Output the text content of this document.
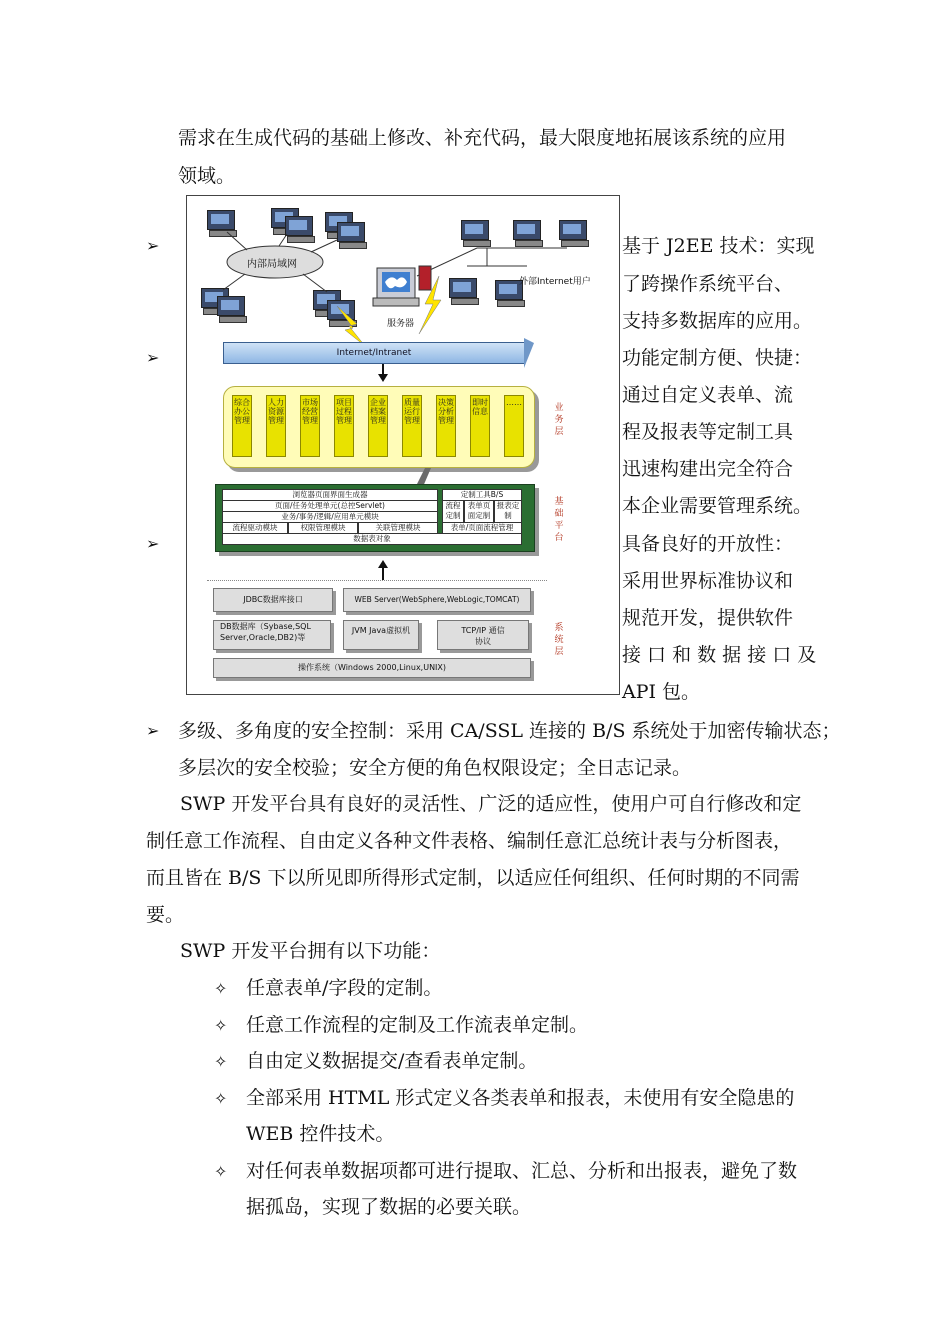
需求在生成代码的基础上修改、补充代码，最大限度地拓展该系统的应用
领域。
➢
➢
➢
➢
基于 J2EE 技术：实现
了跨操作系统平台、
支持多数据库的应用。
功能定制方便、快捷：
通过自定义表单、流
程及报表等定制工具
迅速构建出完全符合
本企业需要管理系统。
具备良好的开放性：
采用世界标准协议和
规范开发，提供软件
接 口 和 数 据 接 口 及
API 包。
内部局域网
外部Internet用户
服务器
Internet/Intranet
综合办公管理
人力资源管理
市场经营管理
项目过程管理
企业档案管理
质量运行管理
决策分析管理
即时信息
……
业务层
浏览器页面界面生成器
页面/任务处理单元(总控Servlet)
业务/事务/逻辑/应用单元模块
流程驱动模块	权限管理模块	关联管理模块
数据表对象
定制工具B/S
流程定制
表单页面定制
报表定制
表单/页面流程管理
基础平台
JDBC数据库接口	WEB Server(WebSphere,WebLogic,TOMCAT)
DB数据库（Sybase,SQL Server,Oracle,DB2)等
JVM Java虚拟机	TCP/IP 通信协议
操作系统（Windows 2000,Linux,UNIX)
系统层
多级、多角度的安全控制：采用 CA/SSL 连接的 B/S 系统处于加密传输状态；
多层次的安全校验；安全方便的角色权限设定；全日志记录。
SWP 开发平台具有良好的灵活性、广泛的适应性，使用户可自行修改和定
制任意工作流程、自由定义各种文件表格、编制任意汇总统计表与分析图表，
而且皆在 B/S 下以所见即所得形式定制，以适应任何组织、任何时期的不同需
要。
SWP 开发平台拥有以下功能：
✧ 任意表单/字段的定制。
✧ 任意工作流程的定制及工作流表单定制。
✧ 自由定义数据提交/查看表单定制。
✧ 全部采用 HTML 形式定义各类表单和报表，未使用有安全隐患的
WEB 控件技术。
✧ 对任何表单数据项都可进行提取、汇总、分析和出报表，避免了数
据孤岛，实现了数据的必要关联。
